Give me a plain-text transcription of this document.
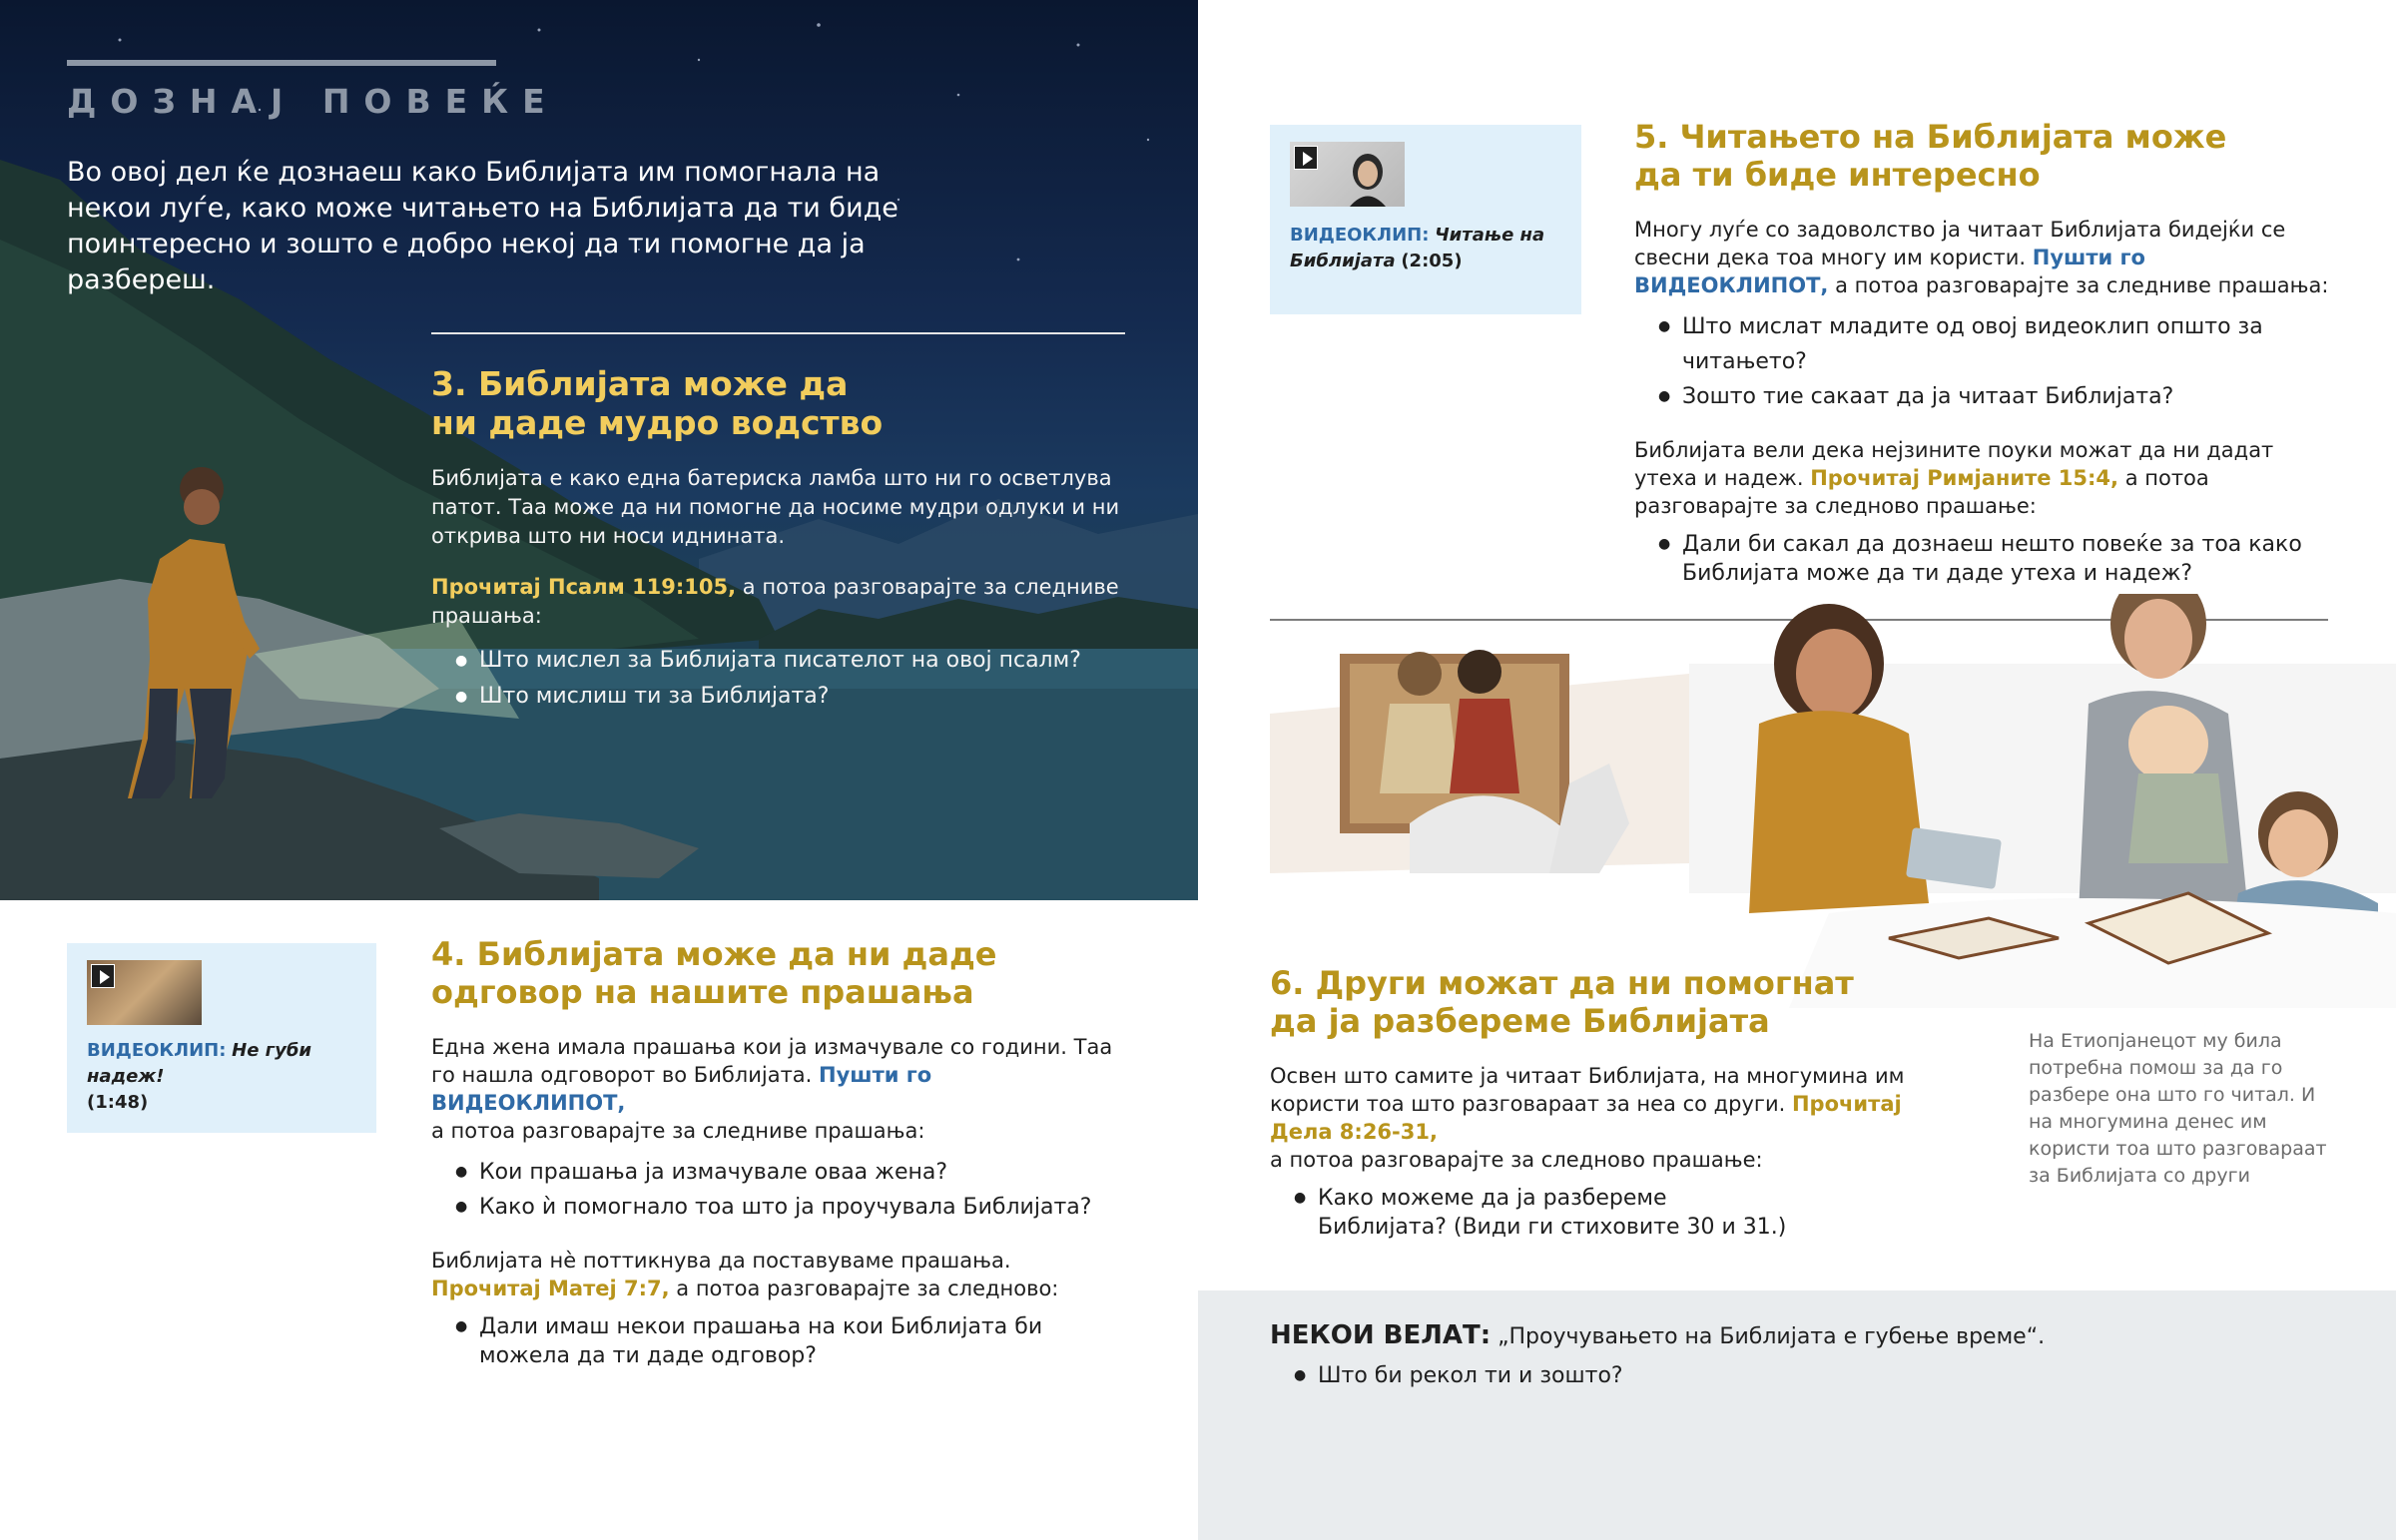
ДОЗНАЈ ПОВЕЌЕ
Во овој дел ќе дознаеш како Библијата им помогнала на некои луѓе, како може читањето на Библијата да ти биде поинтересно и зошто е добро некој да ти помогне да ја разбереш.
3. Библијата може да
ни даде мудро водство

Библијата е како една батериска ламба што ни го осветлува патот. Таа може да ни помогне да носиме мудри одлуки и ни открива што ни носи иднината.

Прочитај Псалм 119:105, а потоа разговарајте за следниве прашања:

● Што мислел за Библијата писателот на овој псалм?
● Што мислиш ти за Библијата?
ВИДЕОКЛИП: Не губи надеж!
(1:48)
4. Библијата може да ни даде
одговор на нашите прашања

Една жена имала прашања кои ја измачувале со години. Таа го нашла одговорот во Библијата. Пушти го ВИДЕОКЛИПОТ,
а потоа разговарајте за следниве прашања:

● Кои прашања ја измачувале оваа жена?
● Како ѝ помогнало тоа што ја проучувала Библијата?

Библијата нè поттикнува да поставуваме прашања.
Прочитај Матеј 7:7, а потоа разговарајте за следново:

● Дали имаш некои прашања на кои Библијата би можела да ти даде одговор?
ВИДЕОКЛИП: Читање на Библијата (2:05)
5. Читањето на Библијата може
да ти биде интересно

Многу луѓе со задоволство ја читаат Библијата бидејќи се свесни дека тоа многу им користи. Пушти го ВИДЕОКЛИПОТ, а потоа разговарајте за следниве прашања:

● Што мислат младите од овој видеоклип општо за читањето?
● Зошто тие сакаат да ја читаат Библијата?

Библијата вели дека нејзините поуки можат да ни дадат утеха и надеж. Прочитај Римјаните 15:4, а потоа разговарајте за следново прашање:

● Дали би сакал да дознаеш нешто повеќе за тоа како Библијата може да ти даде утеха и надеж?
6. Други можат да ни помогнат
да ја разбереме Библијата

Освен што самите ја читаат Библијата, на многумина им користи тоа што разговараат за неа со други. Прочитај Дела 8:26-31,
а потоа разговарајте за следново прашање:

● Како можеме да ја разбереме Библијата? (Види ги стиховите 30 и 31.)
На Етиопјанецот му била потребна помош за да го разбере она што го читал. И на многумина денес им користи тоа што разговараат за Библијата со други
НЕКОИ ВЕЛАТ: „Проучувањето на Библијата е губење време“.
● Што би рекол ти и зошто?
